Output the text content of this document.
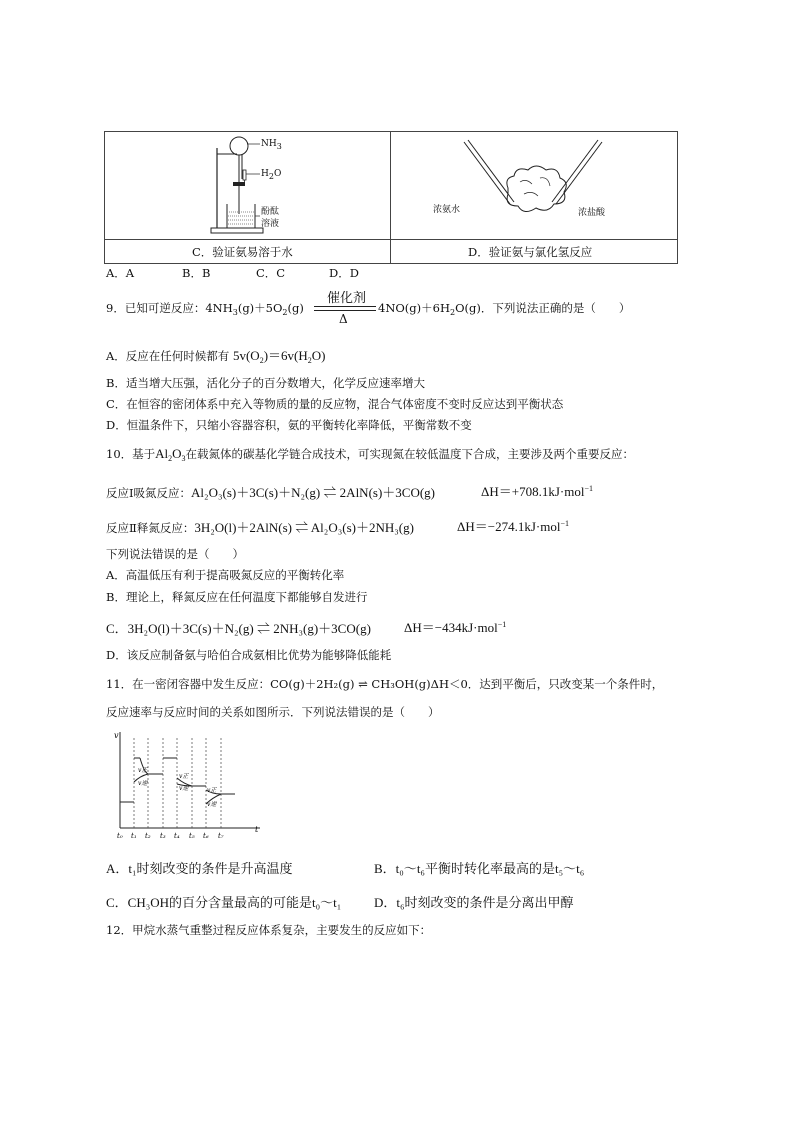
NH3
H2O
酚酞
溶液
浓氨水	浓盐酸
C．验证氨易溶于水	D．验证氨与氯化氢反应
A．A	B．B	C．C	D．D
9．已知可逆反应：$4NH_3(g)+5O_2(g)$
催化剂
Δ
$4NO(g)+6H_2O(g)$．下列说法正确的是（　　）
A．反应在任何时候都有 $5v(O_2)=6v(H_2O)$
B．适当增大压强，活化分子的百分数增大，化学反应速率增大
C．在恒容的密闭体系中充入等物质的量的反应物，混合气体密度不变时反应达到平衡状态
D．恒温条件下，只缩小容器容积，氨的平衡转化率降低，平衡常数不变
10．基于$Al_2O_3$在载氮体的碳基化学链合成技术，可实现氮在较低温度下合成，主要涉及两个重要反应：
反应Ⅰ吸氮反应：Al₂O₃(s)＋3C(s)＋N₂(g) ⇌ 2AlN(s)＋3CO(g)	ΔH＝+708.1kJ·mol$^{-1}$
反应Ⅱ释氮反应：3H₂O(l)＋2AlN(s) ⇌ Al₂O₃(s)＋2NH₃(g)	ΔH＝−274.1kJ·mol$^{-1}$
下列说法错误的是（　　）
A．高温低压有利于提高吸氮反应的平衡转化率
B．理论上，释氮反应在任何温度下都能够自发进行
C．3H₂O(l)＋3C(s)＋N₂(g) ⇌ 2NH₃(g)＋3CO(g)	ΔH＝−434kJ·mol$^{-1}$
D．该反应制备氨与哈伯合成氨相比优势为能够降低能耗
11．在一密闭容器中发生反应：CO(g)＋2H₂(g) ⇌ CH₃OH(g)ΔH＜0．达到平衡后，只改变某一个条件时，
反应速率与反应时间的关系如图所示．下列说法错误的是（　　）
v
t
v正
v逆
v正
v逆	v正
v逆
t₀ t₁ t₂ t₃ t₄ t₅ t₆ t₇
A．t₁时刻改变的条件是升高温度	B．t₀～t₆平衡时转化率最高的是t₅～t₆
C．CH₃OH的百分含量最高的可能是t₀～t₁	D．t₆时刻改变的条件是分离出甲醇
12．甲烷水蒸气重整过程反应体系复杂，主要发生的反应如下：
